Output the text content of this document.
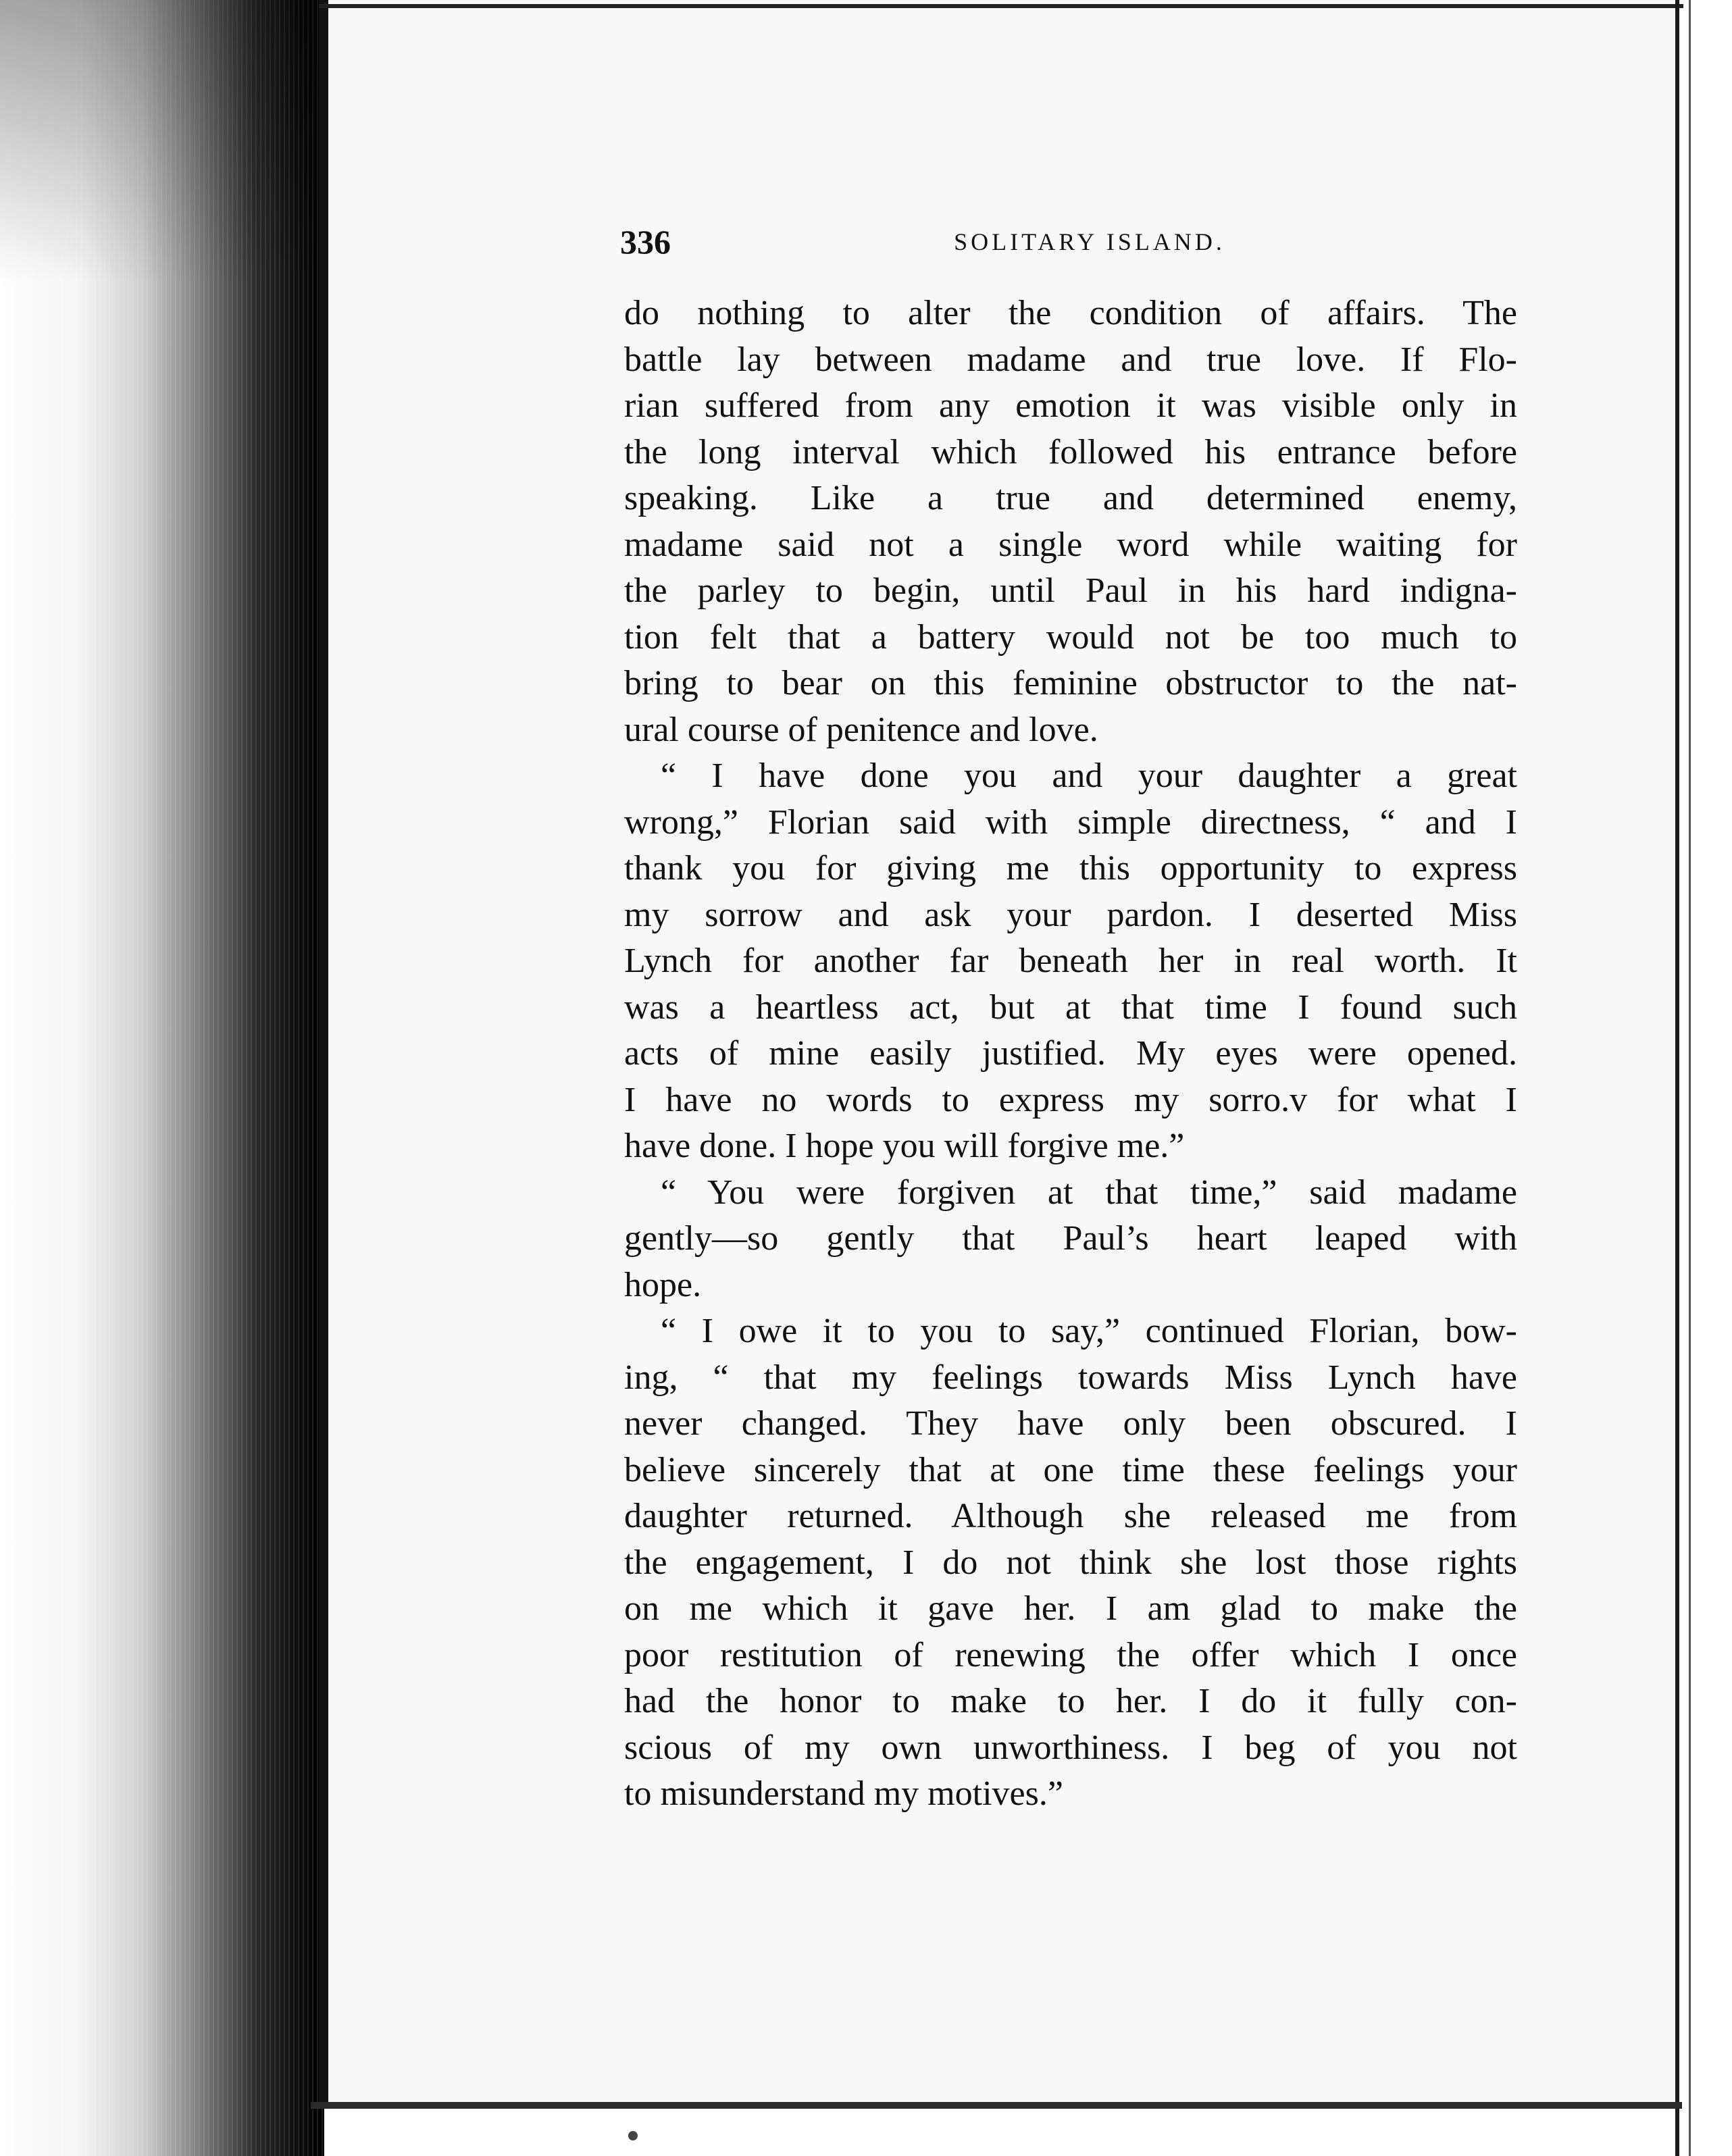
336	SOLITARY ISLAND.
do nothing to alter the condition of affairs. The
battle lay between madame and true love. If Flo-
rian suffered from any emotion it was visible only in
the long interval which followed his entrance before
speaking. Like a true and determined enemy,
madame said not a single word while waiting for
the parley to begin, until Paul in his hard indigna-
tion felt that a battery would not be too much to
bring to bear on this feminine obstructor to the nat-
ural course of penitence and love.
“ I have done you and your daughter a great
wrong,” Florian said with simple directness, “ and I
thank you for giving me this opportunity to express
my sorrow and ask your pardon. I deserted Miss
Lynch for another far beneath her in real worth. It
was a heartless act, but at that time I found such
acts of mine easily justified. My eyes were opened.
I have no words to express my sorro.v for what I
have done. I hope you will forgive me.”
“ You were forgiven at that time,” said madame
gently—so gently that Paul’s heart leaped with
hope.
“ I owe it to you to say,” continued Florian, bow-
ing, “ that my feelings towards Miss Lynch have
never changed. They have only been obscured. I
believe sincerely that at one time these feelings your
daughter returned. Although she released me from
the engagement, I do not think she lost those rights
on me which it gave her. I am glad to make the
poor restitution of renewing the offer which I once
had the honor to make to her. I do it fully con-
scious of my own unworthiness. I beg of you not
to misunderstand my motives.”
